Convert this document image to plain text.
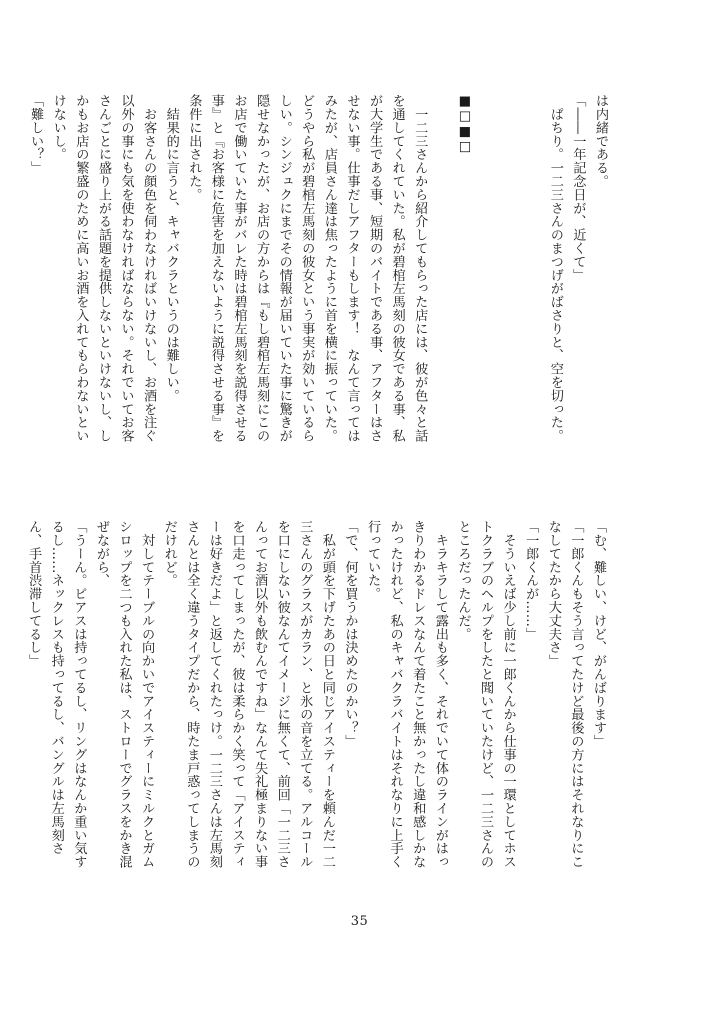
は内緒である。
「――一年記念日が、近くて」
　ぱちり。一二三さんのまつげがばさりと、空を切った。

■□■□

　一二三さんから紹介してもらった店には、彼が色々と話
を通してくれていた。私が碧棺左馬刻の彼女である事、私
が大学生である事、短期のバイトである事、アフターはさ
せない事。仕事だしアフターもします！　なんて言っては
みたが、店員さん達は焦ったように首を横に振っていた。
どうやら私が碧棺左馬刻の彼女という事実が効いているら
しい。シンジュクにまでその情報が届いていた事に驚きが
隠せなかったが、お店の方からは『もし碧棺左馬刻にこの
お店で働いていた事がバレた時は碧棺左馬刻を説得させる
事』と『お客様に危害を加えないように説得させる事』を
条件に出された。
　結果的に言うと、キャバクラというのは難しい。
　お客さんの顔色を伺わなければいけないし、お酒を注ぐ
以外の事にも気を使わなければならない。それでいてお客
さんごとに盛り上がる話題を提供しないといけないし、し
かもお店の繁盛のために高いお酒を入れてもらわないとい
けないし。
「難しい？」
「む、難しい、けど、がんばります」
「一郎くんもそう言ってたけど最後の方にはそれなりにこ
なしてたから大丈夫さ」
「一郎くんが……」
　そういえば少し前に一郎くんから仕事の一環としてホス
トクラブのヘルプをしたと聞いていたけど、一二三さんの
ところだったんだ。
　キラキラして露出も多く、それでいて体のラインがはっ
きりわかるドレスなんて着たこと無かったし違和感しかな
かったけれど、私のキャバクラバイトはそれなりに上手く
行っていた。
「で、何を買うかは決めたのかい？」
　私が頭を下げたあの日と同じアイスティーを頼んだ一二
三さんのグラスがカラン、と氷の音を立てる。アルコール
を口にしない彼なんてイメージに無くて、前回「一二三さ
んってお酒以外も飲むんですね」なんて失礼極まりない事
を口走ってしまったが、彼は柔らかく笑って「アイスティ
ーは好きだよ」と返してくれたっけ。一二三さんは左馬刻
さんとは全く違うタイプだから、時たま戸惑ってしまうの
だけれど。
　対してテーブルの向かいでアイスティーにミルクとガム
シロップを二つも入れた私は、ストローでグラスをかき混
ぜながら、
「うーん。ピアスは持ってるし、リングはなんか重い気す
るし……ネックレスも持ってるし、バングルは左馬刻さ
ん、手首渋滞してるし」
35
